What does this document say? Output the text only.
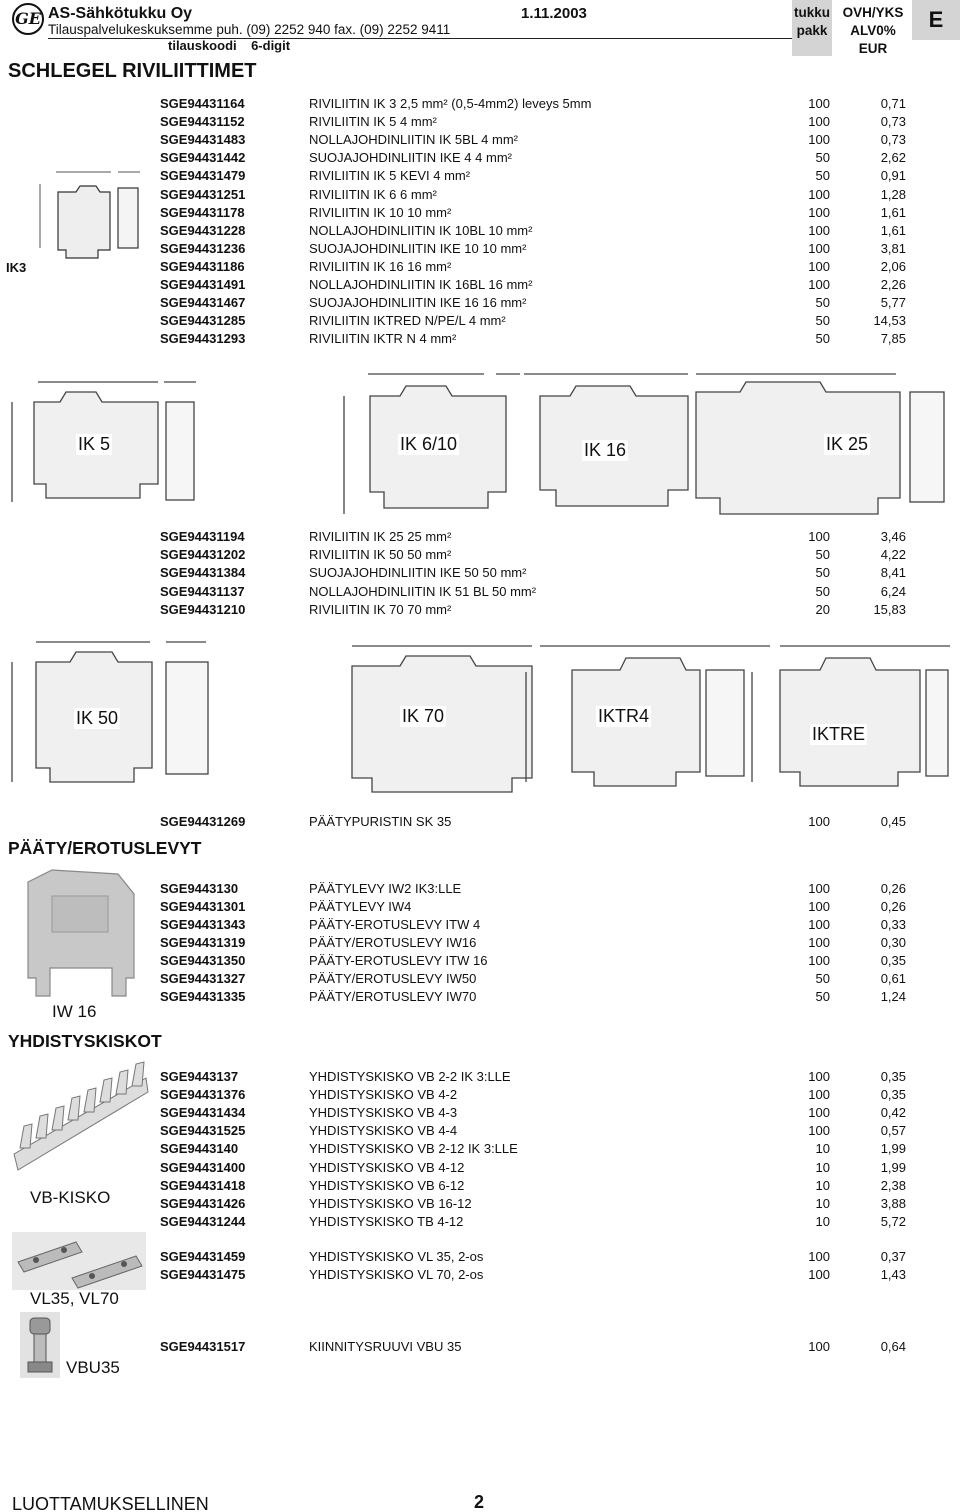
GE AS-Sähkötukku Oy
Tilauspalvelukeskuksemme puh. (09) 2252 940 fax. (09) 2252 9411
tilauskoodi    6-digit
1.11.2003	tukku
pakk
OVH/YKS
ALV0%
EUR
E
SCHLEGEL RIVILIITTIMET
IK3
SGE94431164	RIVILIITIN IK 3 2,5 mm² (0,5-4mm2) leveys 5mm	100	0,71
SGE94431152	RIVILIITIN IK 5 4 mm²	100	0,73
SGE94431483	NOLLAJOHDINLIITIN IK 5BL 4 mm²	100	0,73
SGE94431442	SUOJAJOHDINLIITIN IKE 4 4 mm²	50	2,62
SGE94431479	RIVILIITIN IK 5 KEVI 4 mm²	50	0,91
SGE94431251	RIVILIITIN IK 6 6 mm²	100	1,28
SGE94431178	RIVILIITIN IK 10 10 mm²	100	1,61
SGE94431228	NOLLAJOHDINLIITIN IK 10BL 10 mm²	100	1,61
SGE94431236	SUOJAJOHDINLIITIN IKE 10 10 mm²	100	3,81
SGE94431186	RIVILIITIN IK 16 16 mm²	100	2,06
SGE94431491	NOLLAJOHDINLIITIN IK 16BL 16 mm²	100	2,26
SGE94431467	SUOJAJOHDINLIITIN IKE 16 16 mm²	50	5,77
SGE94431285	RIVILIITIN IKTRED N/PE/L 4 mm²	50	14,53
SGE94431293	RIVILIITIN IKTR N 4 mm²	50	7,85
IK 5	IK 6/10	IK 16	IK 25
SGE94431194	RIVILIITIN IK 25 25 mm²	100	3,46
SGE94431202	RIVILIITIN IK 50 50 mm²	50	4,22
SGE94431384	SUOJAJOHDINLIITIN IKE 50 50 mm²	50	8,41
SGE94431137	NOLLAJOHDINLIITIN IK 51 BL 50 mm²	50	6,24
SGE94431210	RIVILIITIN IK 70 70 mm²	20	15,83
IK 50	IK 70	IKTR4
IKTRE
SGE94431269	PÄÄTYPURISTIN SK 35	100	0,45
PÄÄTY/EROTUSLEVYT
IW 16
SGE9443130	PÄÄTYLEVY IW2 IK3:LLE	100	0,26
SGE94431301	PÄÄTYLEVY IW4	100	0,26
SGE94431343	PÄÄTY-EROTUSLEVY ITW 4	100	0,33
SGE94431319	PÄÄTY/EROTUSLEVY IW16	100	0,30
SGE94431350	PÄÄTY-EROTUSLEVY ITW 16	100	0,35
SGE94431327	PÄÄTY/EROTUSLEVY IW50	50	0,61
SGE94431335	PÄÄTY/EROTUSLEVY IW70	50	1,24
YHDISTYSKISKOT
VB-KISKO
SGE9443137	YHDISTYSKISKO VB 2-2 IK 3:LLE	100	0,35
SGE94431376	YHDISTYSKISKO VB 4-2	100	0,35
SGE94431434	YHDISTYSKISKO VB 4-3	100	0,42
SGE94431525	YHDISTYSKISKO VB 4-4	100	0,57
SGE9443140	YHDISTYSKISKO VB 2-12 IK 3:LLE	10	1,99
SGE94431400	YHDISTYSKISKO VB 4-12	10	1,99
SGE94431418	YHDISTYSKISKO VB 6-12	10	2,38
SGE94431426	YHDISTYSKISKO VB 16-12	10	3,88
SGE94431244	YHDISTYSKISKO TB 4-12	10	5,72
VL35, VL70
SGE94431459	YHDISTYSKISKO VL 35, 2-os	100	0,37
SGE94431475	YHDISTYSKISKO VL 70, 2-os	100	1,43
VBU35
SGE94431517	KIINNITYSRUUVI VBU 35	100	0,64
LUOTTAMUKSELLINEN	2
